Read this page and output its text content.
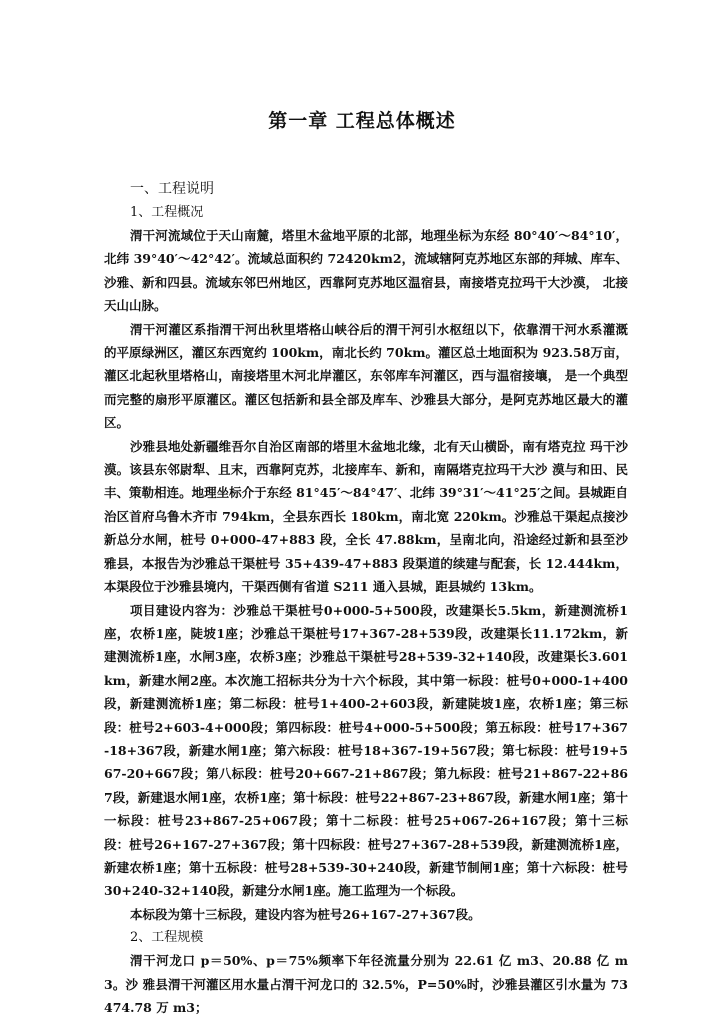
第一章 工程总体概述
一、工程说明
1、工程概况

渭干河流域位于天山南麓，塔里木盆地平原的北部，地理坐标为东经 80°40′～84°10′，北纬 39°40′～42°42′。流域总面积约 72420km2，流域辖阿克苏地区东部的拜城、库车、沙雅、新和四县。流域东邻巴州地区，西靠阿克苏地区温宿县，南接塔克拉玛干大沙漠， 北接天山山脉。

渭干河灌区系指渭干河出秋里塔格山峡谷后的渭干河引水枢纽以下，依靠渭干河水系灌溉的平原绿洲区，灌区东西宽约 100km，南北长约 70km。灌区总土地面积为 923.58万亩，灌区北起秋里塔格山，南接塔里木河北岸灌区，东邻库车河灌区，西与温宿接壤， 是一个典型而完整的扇形平原灌区。灌区包括新和县全部及库车、沙雅县大部分，是阿克苏地区最大的灌区。

沙雅县地处新疆维吾尔自治区南部的塔里木盆地北缘，北有天山横卧，南有塔克拉 玛干沙漠。该县东邻尉犁、且末，西靠阿克苏，北接库车、新和，南隔塔克拉玛干大沙 漠与和田、民丰、策勒相连。地理坐标介于东经 81°45′～84°47′、北纬 39°31′～41°25′之间。县城距自治区首府乌鲁木齐市 794km，全县东西长 180km，南北宽 220km。沙雅总干渠起点接沙新总分水闸，桩号 0+000-47+883 段，全长 47.88km，呈南北向，沿途经过新和县至沙雅县，本报告为沙雅总干渠桩号 35+439-47+883 段渠道的续建与配套，长 12.444km，本渠段位于沙雅县境内，干渠西侧有省道 S211 通入县城，距县城约 13km。

项目建设内容为：沙雅总干渠桩号0+000-5+500段，改建渠长5.5km，新建测流桥1座，农桥1座，陡坡1座；沙雅总干渠桩号17+367-28+539段，改建渠长11.172km，新建测流桥1座，水闸3座，农桥3座；沙雅总干渠桩号28+539-32+140段，改建渠长3.601km，新建水闸2座。本次施工招标共分为十六个标段，其中第一标段：桩号0+000-1+400段，新建测流桥1座；第二标段：桩号1+400-2+603段，新建陡坡1座，农桥1座；第三标段：桩号2+603-4+000段；第四标段：桩号4+000-5+500段；第五标段：桩号17+367-18+367段，新建水闸1座；第六标段：桩号18+367-19+567段；第七标段：桩号19+567-20+667段；第八标段：桩号20+667-21+867段；第九标段：桩号21+867-22+867段，新建退水闸1座，农桥1座；第十标段：桩号22+867-23+867段，新建水闸1座；第十一标段：桩号23+867-25+067段；第十二标段：桩号25+067-26+167段；第十三标段：桩号26+167-27+367段；第十四标段：桩号27+367-28+539段，新建测流桥1座，新建农桥1座；第十五标段：桩号28+539-30+240段，新建节制闸1座；第十六标段：桩号30+240-32+140段，新建分水闸1座。施工监理为一个标段。

本标段为第十三标段，建设内容为桩号26+167-27+367段。

2、工程规模

渭干河龙口 p＝50%、p＝75%频率下年径流量分别为 22.61 亿 m3、20.88 亿 m3。沙 雅县渭干河灌区用水量占渭干河龙口的 32.5%，P=50%时，沙雅县灌区引水量为 73474.78 万 m3；
